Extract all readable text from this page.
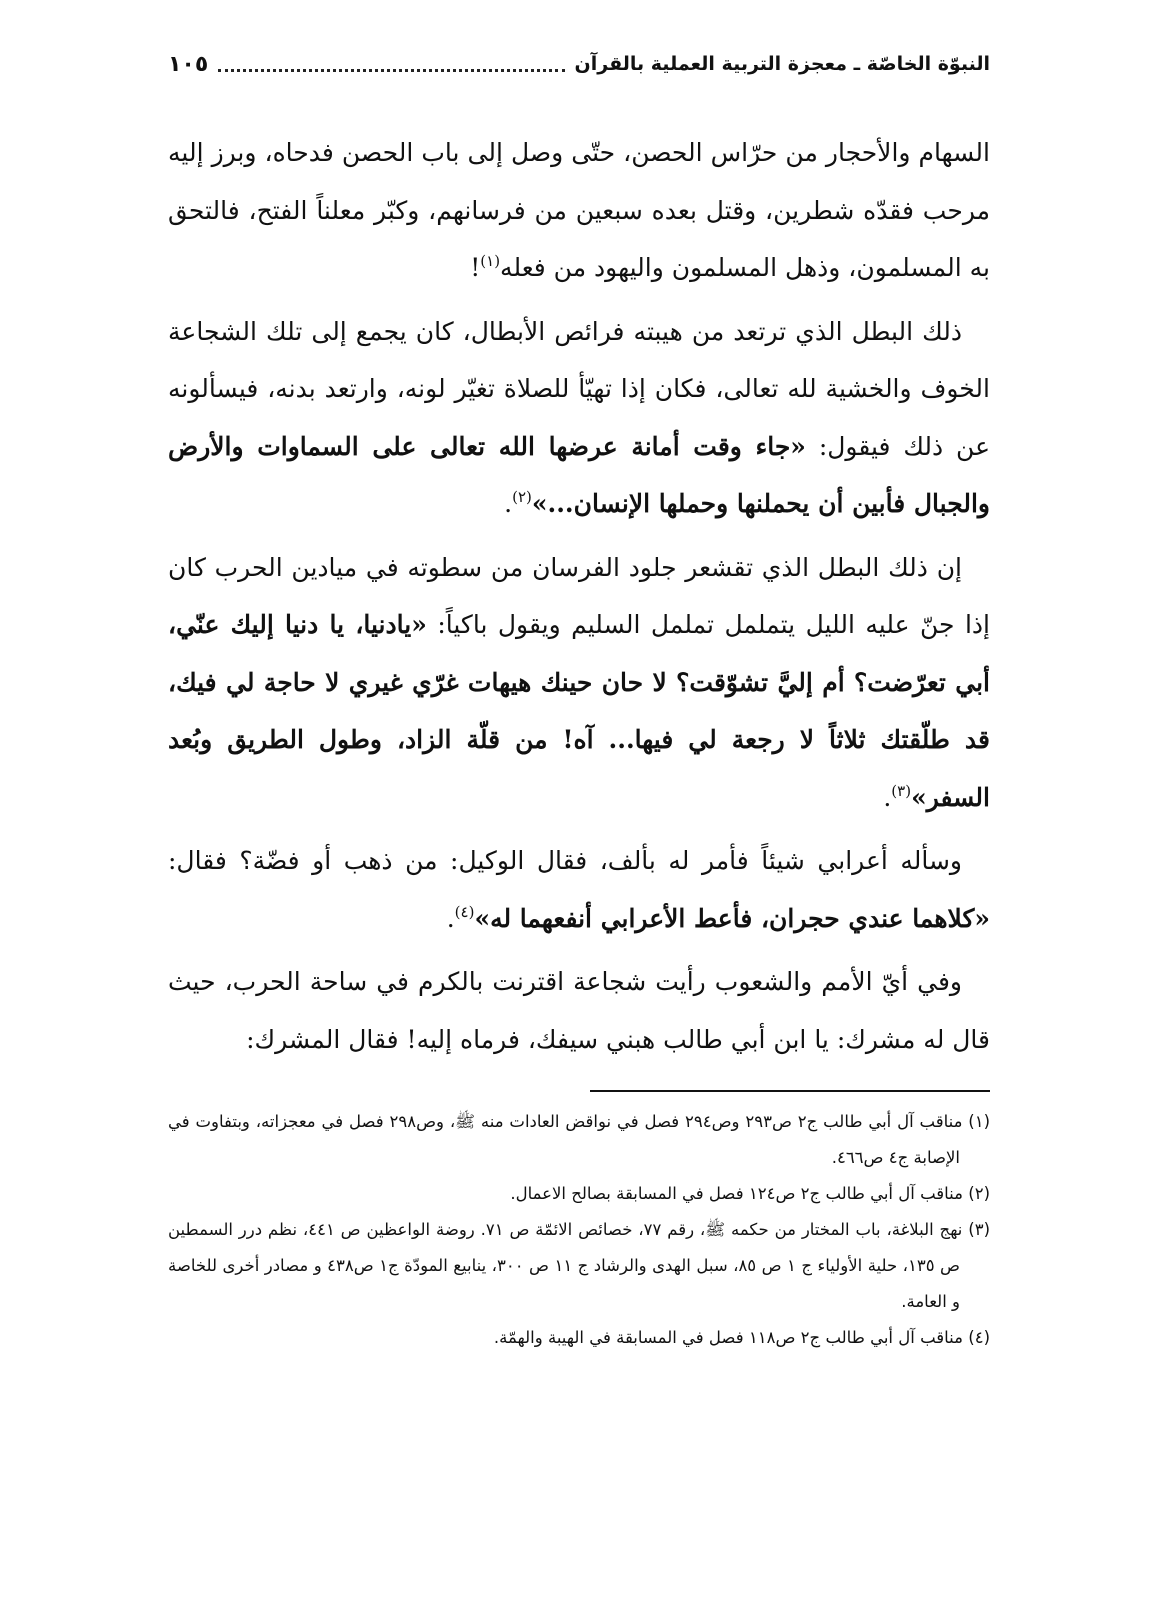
النبوّة الخاصّة ـ معجزة التربية العملية بالقرآن
١٠٥

السهام والأحجار من حرّاس الحصن، حتّى وصل إلى باب الحصن فدحاه، وبرز إليه مرحب فقدّه شطرين، وقتل بعده سبعين من فرسانهم، وكبّر معلناً الفتح، فالتحق به المسلمون، وذهل المسلمون واليهود من فعله$^{(١)}$!

ذلك البطل الذي ترتعد من هيبته فرائص الأبطال، كان يجمع إلى تلك الشجاعة الخوف والخشية لله تعالى، فكان إذا تهيّأ للصلاة تغيّر لونه، وارتعد بدنه، فيسألونه عن ذلك فيقول: «جاء وقت أمانة عرضها الله تعالى على السماوات والأرض والجبال فأبين أن يحملنها وحملها الإنسان...»$^{(٢)}$.

إن ذلك البطل الذي تقشعر جلود الفرسان من سطوته في ميادين الحرب كان إذا جنّ عليه الليل يتململ تململ السليم ويقول باكياً: «يادنيا، يا دنيا إليك عنّي، أبي تعرّضت؟ أم إليَّ تشوّقت؟ لا حان حينك هيهات غرّي غيري لا حاجة لي فيك، قد طلّقتك ثلاثاً لا رجعة لي فيها... آه! من قلّة الزاد، وطول الطريق وبُعد السفر»$^{(٣)}$.

وسأله أعرابي شيئاً فأمر له بألف، فقال الوكيل: من ذهب أو فضّة؟ فقال: «كلاهما عندي حجران، فأعط الأعرابي أنفعهما له»$^{(٤)}$.

وفي أيّ الأمم والشعوب رأيت شجاعة اقترنت بالكرم في ساحة الحرب، حيث قال له مشرك: يا ابن أبي طالب هبني سيفك، فرماه إليه! فقال المشرك:

(١) مناقب آل أبي طالب ج٢ ص٢٩٣ وص٢٩٤ فصل في نواقض العادات منه ﷺ، وص٢٩٨ فصل في معجزاته، وبتفاوت في الإصابة ج٤ ص٤٦٦.

(٢) مناقب آل أبي طالب ج٢ ص١٢٤ فصل في المسابقة بصالح الاعمال.

(٣) نهج البلاغة، باب المختار من حكمه ﷺ، رقم ٧٧، خصائص الائمّة ص ٧١. روضة الواعظين ص ٤٤١، نظم درر السمطين ص ١٣٥، حلية الأولياء ج ١ ص ٨٥، سبل الهدى والرشاد ج ١١ ص ٣٠٠، ينابيع المودّة ج١ ص٤٣٨ و مصادر أخرى للخاصة و العامة.

(٤) مناقب آل أبي طالب ج٢ ص١١٨ فصل في المسابقة في الهيبة والهمّة.
